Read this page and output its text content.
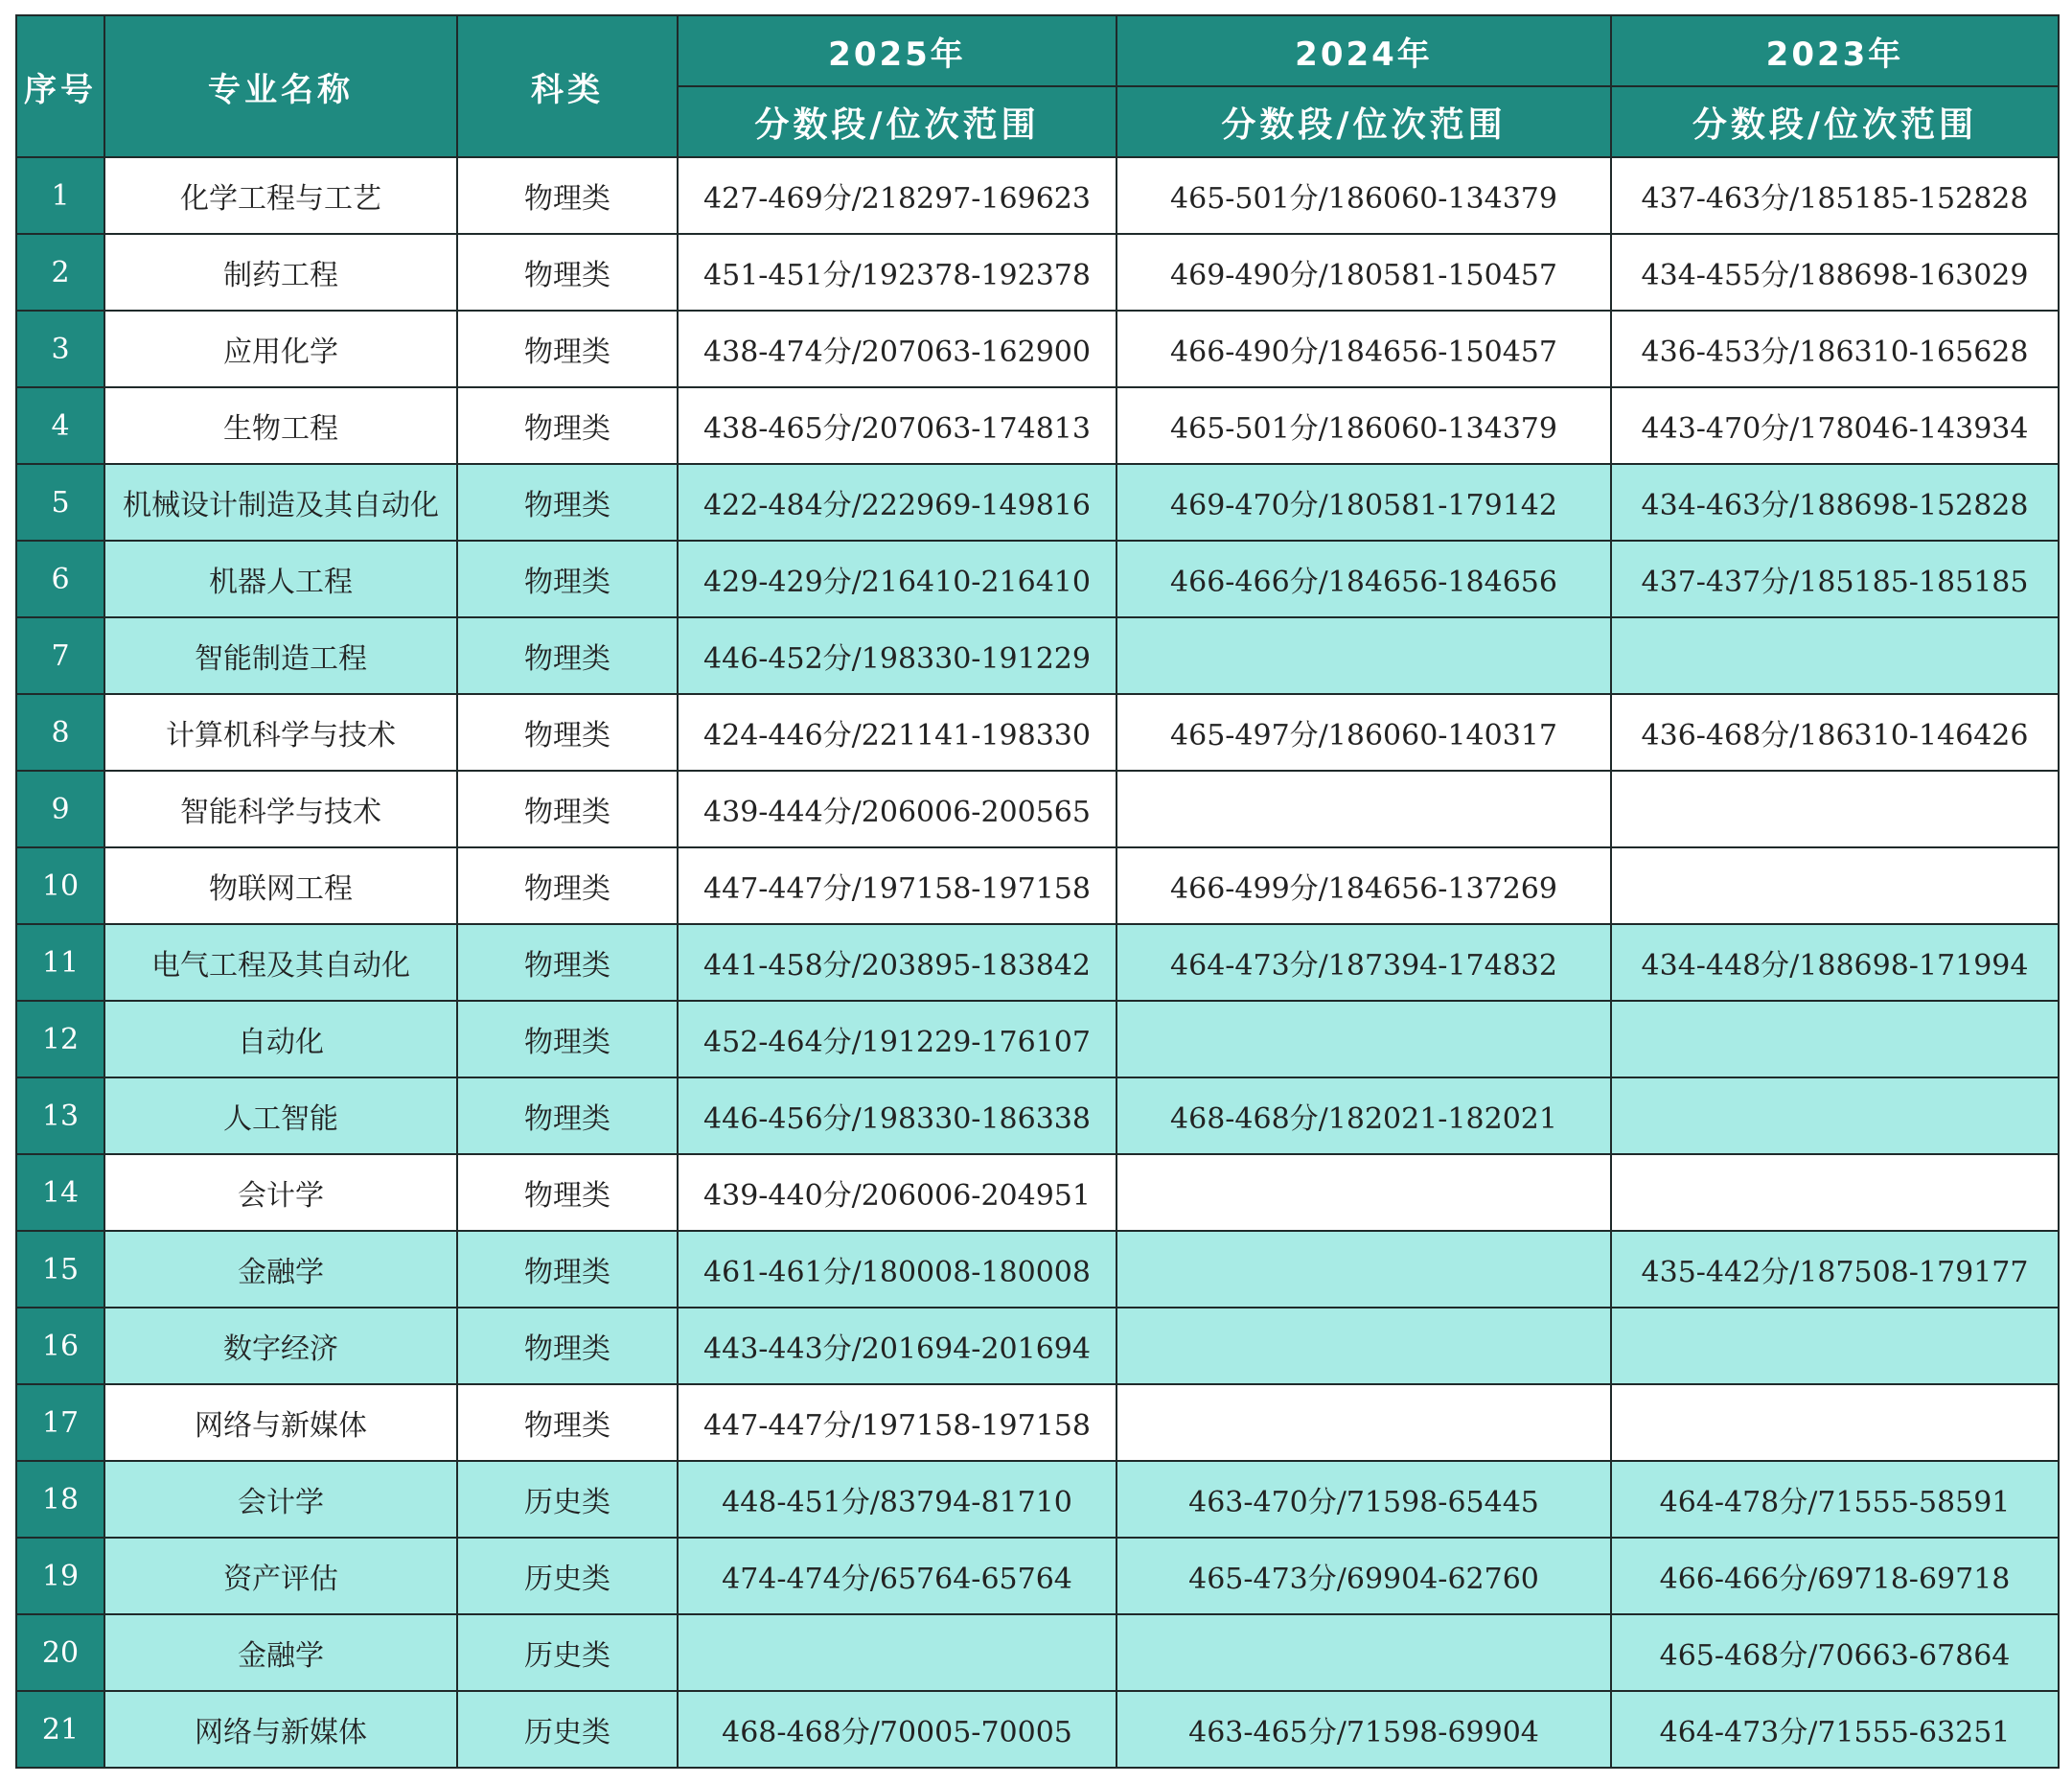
序号	专业名称	科类	2025年	2024年	2023年
			分数段/位次范围	分数段/位次范围	分数段/位次范围
1	化学工程与工艺	物理类	427-469分/218297-169623	465-501分/186060-134379	437-463分/185185-152828
2	制药工程	物理类	451-451分/192378-192378	469-490分/180581-150457	434-455分/188698-163029
3	应用化学	物理类	438-474分/207063-162900	466-490分/184656-150457	436-453分/186310-165628
4	生物工程	物理类	438-465分/207063-174813	465-501分/186060-134379	443-470分/178046-143934
5	机械设计制造及其自动化	物理类	422-484分/222969-149816	469-470分/180581-179142	434-463分/188698-152828
6	机器人工程	物理类	429-429分/216410-216410	466-466分/184656-184656	437-437分/185185-185185
7	智能制造工程	物理类	446-452分/198330-191229		
8	计算机科学与技术	物理类	424-446分/221141-198330	465-497分/186060-140317	436-468分/186310-146426
9	智能科学与技术	物理类	439-444分/206006-200565		
10	物联网工程	物理类	447-447分/197158-197158	466-499分/184656-137269	
11	电气工程及其自动化	物理类	441-458分/203895-183842	464-473分/187394-174832	434-448分/188698-171994
12	自动化	物理类	452-464分/191229-176107		
13	人工智能	物理类	446-456分/198330-186338	468-468分/182021-182021	
14	会计学	物理类	439-440分/206006-204951		
15	金融学	物理类	461-461分/180008-180008		435-442分/187508-179177
16	数字经济	物理类	443-443分/201694-201694		
17	网络与新媒体	物理类	447-447分/197158-197158		
18	会计学	历史类	448-451分/83794-81710	463-470分/71598-65445	464-478分/71555-58591
19	资产评估	历史类	474-474分/65764-65764	465-473分/69904-62760	466-466分/69718-69718
20	金融学	历史类			465-468分/70663-67864
21	网络与新媒体	历史类	468-468分/70005-70005	463-465分/71598-69904	464-473分/71555-63251
